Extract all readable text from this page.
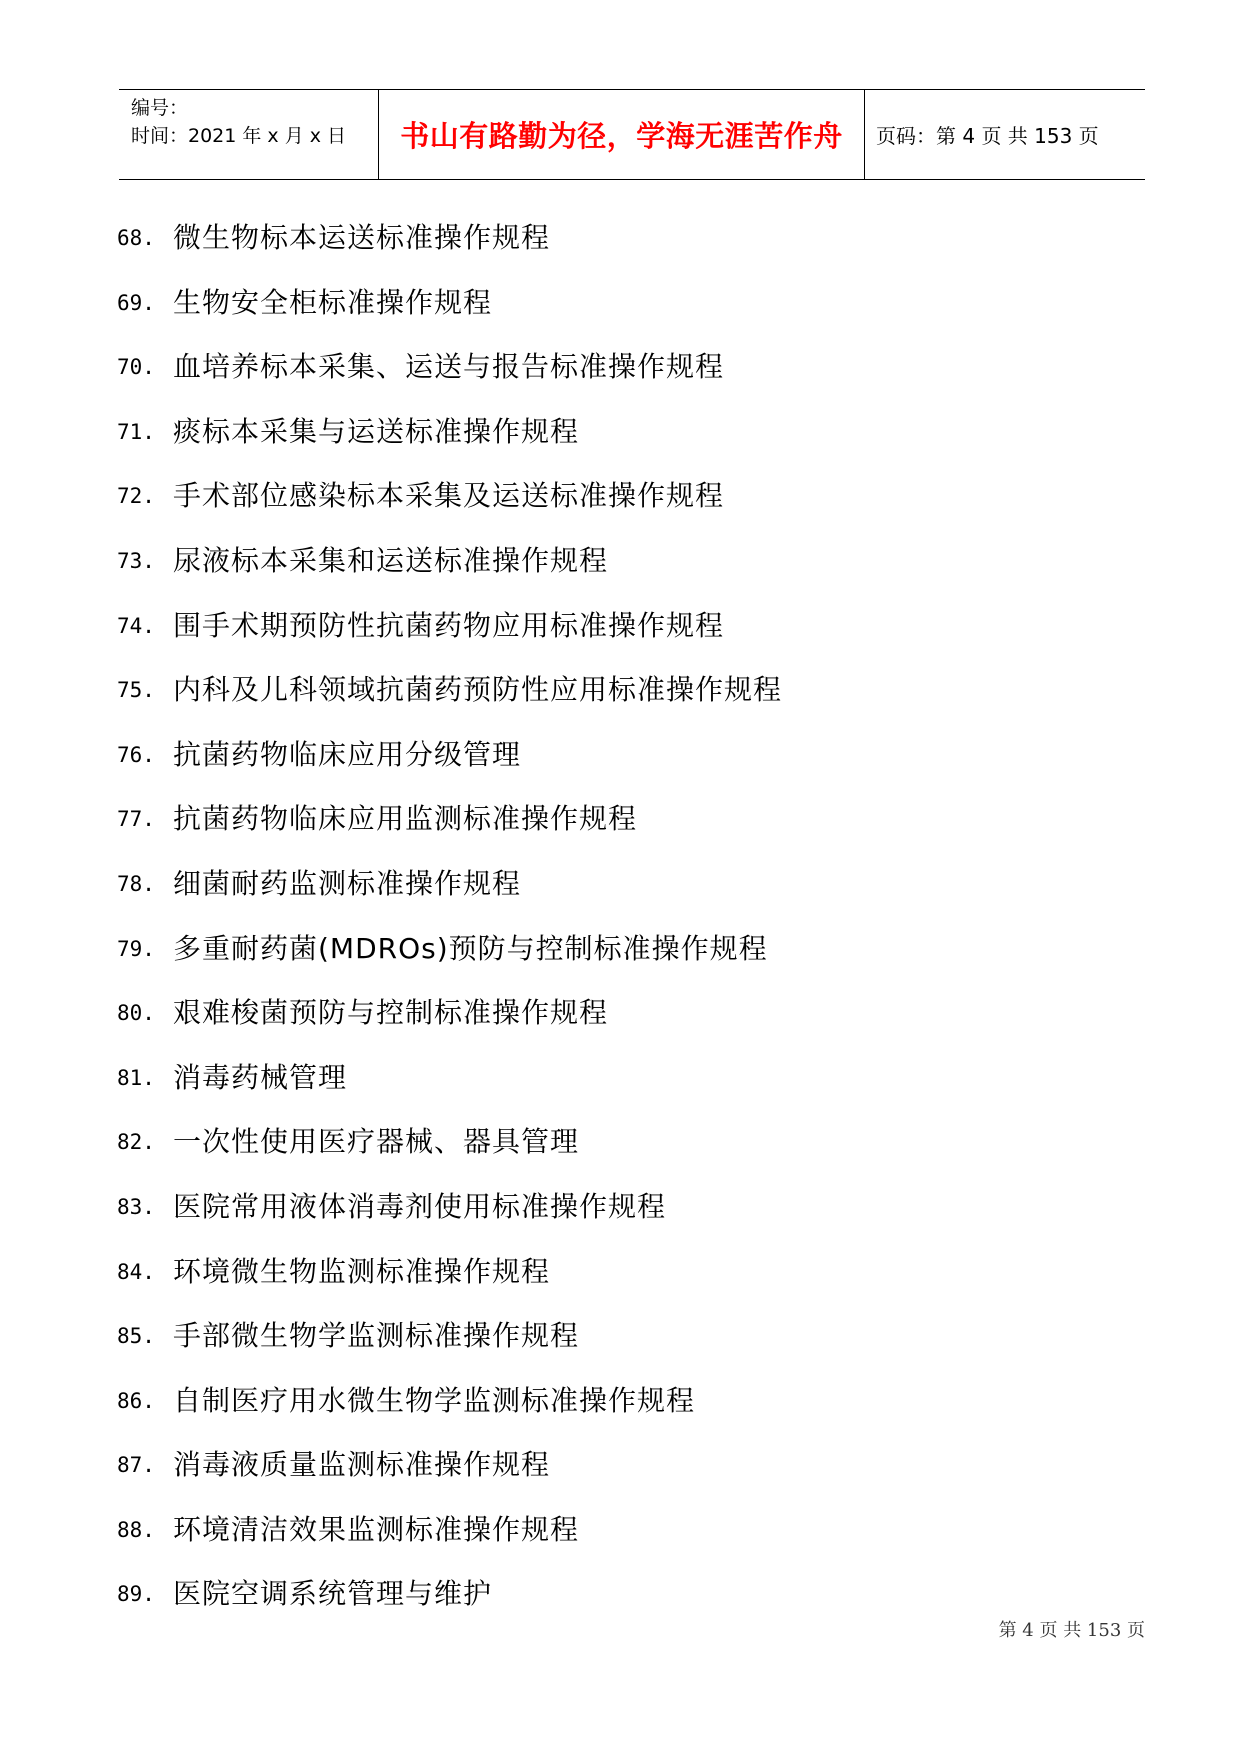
编号：
时间：2021 年 x 月 x 日	书山有路勤为径，学海无涯苦作舟	页码：第 4 页 共 153 页
68. 微生物标本运送标准操作规程
69. 生物安全柜标准操作规程
70. 血培养标本采集、运送与报告标准操作规程
71. 痰标本采集与运送标准操作规程
72. 手术部位感染标本采集及运送标准操作规程
73. 尿液标本采集和运送标准操作规程
74. 围手术期预防性抗菌药物应用标准操作规程
75. 内科及儿科领域抗菌药预防性应用标准操作规程
76. 抗菌药物临床应用分级管理
77. 抗菌药物临床应用监测标准操作规程
78. 细菌耐药监测标准操作规程
79. 多重耐药菌(MDROs)预防与控制标准操作规程
80. 艰难梭菌预防与控制标准操作规程
81. 消毒药械管理
82. 一次性使用医疗器械、器具管理
83. 医院常用液体消毒剂使用标准操作规程
84. 环境微生物监测标准操作规程
85. 手部微生物学监测标准操作规程
86. 自制医疗用水微生物学监测标准操作规程
87. 消毒液质量监测标准操作规程
88. 环境清洁效果监测标准操作规程
89. 医院空调系统管理与维护
第 4 页 共 153 页
